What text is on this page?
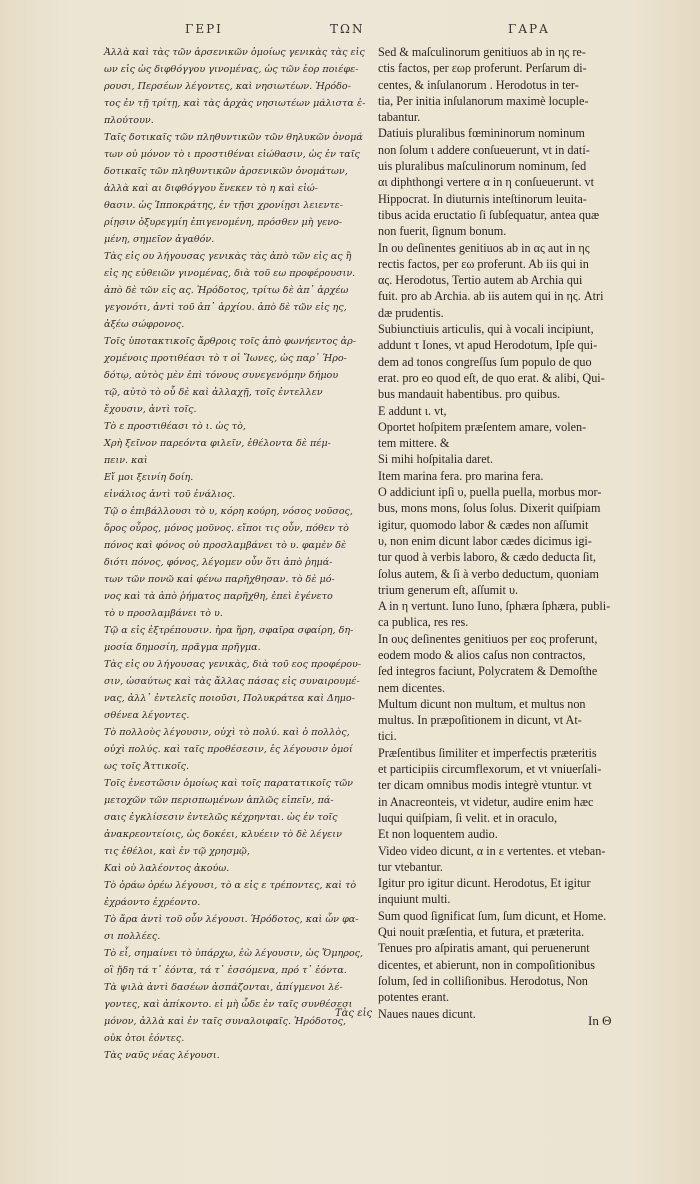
ΓΕΡΙ	ΤΩΝ	ΓΑΡΑ
Ἀλλὰ καὶ τὰς τῶν ἀρσενικῶν ὁμοίως γενικὰς τὰς εἰς
ων εἰς ὡς διφθόγγου γινομένας, ὡς τῶν ἑορ ποιέφε-
ρουσι, Περσέων λέγοντες, καὶ νησιωτέων. Ἡρόδο-
τος ἐν τῇ τρίτῃ, καὶ τὰς ἀρχὰς νησιωτέων μάλιστα ἐ-
πλούτουν.
Ταῖς δοτικαῖς τῶν πληθυντικῶν τῶν θηλυκῶν ὀνομά
των οὐ μόνον τὸ ι προστιθέναι εἰώθασιν, ὡς ἐν ταῖς
δοτικαῖς τῶν πληθυντικῶν ἀρσενικῶν ὀνομάτων,
ἀλλὰ καὶ αι διφθόγγου ἕνεκεν τὸ η καὶ εἰώ-
θασιν. ὡς Ἱπποκράτης, ἐν τῇσι χρονίῃσι λειεντε-
ρίῃσιν ὀξυρεγμίη ἐπιγενομένη, πρόσθεν μὴ γενο-
μένη, σημεῖον ἀγαθόν.
Τὰς εἰς ου λήγουσας γενικὰς τὰς ἀπὸ τῶν εἰς ας ἢ
εἰς ης εὐθειῶν γινομένας, διὰ τοῦ εω προφέρουσιν.
ἀπὸ δὲ τῶν εἰς ας. Ἡρόδοτος, τρίτω δὲ ἀπ᾽ ἀρχέω
γεγονότι, ἀντὶ τοῦ ἀπ᾽ ἀρχίου. ἀπὸ δὲ τῶν εἰς ης,
ἀξέω σώφρονος.
Τοῖς ὑποτακτικοῖς ἄρθροις τοῖς ἀπὸ φωνήεντος ἀρ-
χομένοις προτιθέασι τὸ τ οἱ Ἴωνες, ὡς παρ᾽ Ἡρο-
δότῳ, αὐτὸς μὲν ἐπὶ τόνους συνεγενόμην δήμου
τῷ, αὐτὸ τὸ οὗ δὲ καὶ ἀλλαχῇ, τοῖς ἐντελλεν
ἔχουσιν, ἀντὶ τοῖς.
Τὸ ε προστιθέασι τὸ ι. ὡς τὸ,
Χρὴ ξεῖνον παρεόντα φιλεῖν, ἐθέλοντα δὲ πέμ-
πειν. καὶ
Εἴ μοι ξεινίη δοίη.
εἰνάλιος ἀντὶ τοῦ ἐνάλιος.
Τῷ ο ἐπιβάλλουσι τὸ υ, κόρη κούρη, νόσος νοῦσος,
ὄρος οὖρος, μόνος μοῦνος. εἴποι τις οὖν, πόθεν τὸ
πόνος καὶ φόνος οὐ προσλαμβάνει τὸ υ. φαμὲν δὲ
διότι πόνος, φόνος, λέγομεν οὖν ὅτι ἀπὸ ῥημά-
των τῶν πονῶ καὶ φένω παρῆχθησαν. τὸ δὲ μό-
νος καὶ τὰ ἀπὸ ῥήματος παρῆχθη, ἐπεὶ ἐγένετο
τὸ υ προσλαμβάνει τὸ υ.
Τῷ α εἰς ἐξτρέπουσιν. ἡρα ἥρη, σφαῖρα σφαίρη, δη-
μοσία δημοσίη, πρᾶγμα πρῆγμα.
Τὰς εἰς ου λήγουσας γενικὰς, διὰ τοῦ εος προφέρου-
σιν, ὡσαύτως καὶ τὰς ἄλλας πάσας εἰς συναιρουμέ-
νας, ἀλλ᾽ ἐντελεῖς ποιοῦσι, Πολυκράτεα καὶ Δημο-
σθένεα λέγοντες.
Τὸ πολλοὺς λέγουσιν, οὐχὶ τὸ πολύ. καὶ ὁ πολλὸς,
οὐχὶ πολύς. καὶ ταῖς προθέσεσιν, ἐς λέγουσιν ὁμοί
ως τοῖς Ἀττικοῖς.
Τοῖς ἐνεστῶσιν ὁμοίως καὶ τοῖς παρατατικοῖς τῶν
μετοχῶν τῶν περισπωμένων ἁπλῶς εἰπεῖν, πά-
σαις ἐγκλίσεσιν ἐντελῶς κέχρηνται. ὡς ἐν τοῖς
ἀνακρεοντείοις, ὡς δοκέει, κλυέειν τὸ δὲ λέγειν
τις ἐθέλοι, καὶ ἐν τῷ χρησμῷ,
Καὶ οὐ λαλέοντος ἀκούω.
Τὸ ὁράω ὁρέω λέγουσι, τὸ α εἰς ε τρέποντες, καὶ τὸ
ἐχράοντο ἐχρέοντο.
Τὸ ἄρα ἀντὶ τοῦ οὖν λέγουσι. Ἡρόδοτος, καὶ ὧν φα-
σι πολλέες.
Τὸ εἶ, σημαίνει τὸ ὑπάρχω, ἐὼ λέγουσιν, ὡς Ὅμηρος,
οἳ ᾔδη τά τ᾽ ἐόντα, τά τ᾽ ἐσσόμενα, πρό τ᾽ ἐόντα.
Τὰ ψιλὰ ἀντὶ δασέων ἀσπάζονται, ἀπίγμενοι λέ-
γοντες, καὶ ἀπίκοντο. εἰ μὴ ὧδε ἐν ταῖς συνθέσεσι
μόνον, ἀλλὰ καὶ ἐν ταῖς συναλοιφαῖς. Ἡρόδοτος,
οὐκ ὁτοι ἐόντες.
Τὰς ναῦς νέας λέγουσι.
Sed & maſculinorum genitiuos ab in ης re-
ctis factos, per εωρ proferunt. Perſarum di-
centes, & inſulanorum . Herodotus in ter-
tia, Per initia inſulanorum maximè locuple-
tabantur.
Datiuis pluralibus fœmininorum nominum
non ſolum ι addere conſueuerunt, vt in datí-
uis pluralibus maſculinorum nominum, ſed
αι diphthongi vertere α in η conſueuerunt. vt
Hippocrat. In diuturnis inteſtinorum leuita-
tibus acida eructatio ſi ſubſequatur, antea quæ
non fuerit, ſignum bonum.
In ου deſinentes genitiuos ab in ας aut in ης
rectis factos, per εω proferunt. Ab iis qui in
ας. Herodotus, Tertio autem ab Archia qui
fuit. pro ab Archia. ab iis autem qui in ης. Atri
dæ prudentis.
Subiunctiuis articulis, qui à vocali incipiunt,
addunt τ Iones, vt apud Herodotum, Ipſe qui-
dem ad tonos congreſſus ſum populo de quo
erat. pro eo quod eſt, de quo erat. & alibi, Qui-
bus mandauit habentibus. pro quibus.
E addunt ι. vt,
Oportet hoſpitem præſentem amare, volen-
tem mittere. &
Si mihi hoſpitalia daret.
Item marina fera. pro marina fera.
O addiciunt ipſi υ, puella puella, morbus mor-
bus, mons mons, ſolus ſolus. Dixerit quiſpiam
igitur, quomodo labor & cædes non aſſumit
υ, non enim dicunt labor cædes dicimus igi-
tur quod à verbis laboro, & cædo deducta ſit,
ſolus autem, & ſi à verbo deductum, quoniam
trium generum eſt, aſſumit υ.
A in η vertunt. Iuno Iuno, ſphæra ſphæra, publi-
ca publica, res res.
In ους deſinentes genitiuos per εος proferunt,
eodem modo & alios caſus non contractos,
ſed integros faciunt, Polycratem & Demoſthe
nem dicentes.
Multum dicunt non multum, et multus non
multus. In præpoſitionem in dicunt, vt At-
tici.
Præſentibus ſimiliter et imperfectis præteritis
et participiis circumflexorum, et vt vniuerſali-
ter dicam omnibus modis integrè vtuntur. vt
in Anacreonteis, vt videtur, audire enim hæc
luqui quiſpiam, ſi velit. et in oraculo,
Et non loquentem audio.
Video video dicunt, α in ε vertentes. et vteban-
tur vtebantur.
Igitur pro igitur dicunt. Herodotus, Et igitur
inquiunt multi.
Sum quod ſignificat ſum, ſum dicunt, et Home.
Qui nouit præſentia, et futura, et præterita.
Tenues pro aſpiratis amant, qui peruenerunt
dicentes, et abierunt, non in compoſitionibus
ſolum, ſed in colliſionibus. Herodotus, Non
potentes erant.
Naues naues dicunt.
Τὰς εἰς	In Θ
